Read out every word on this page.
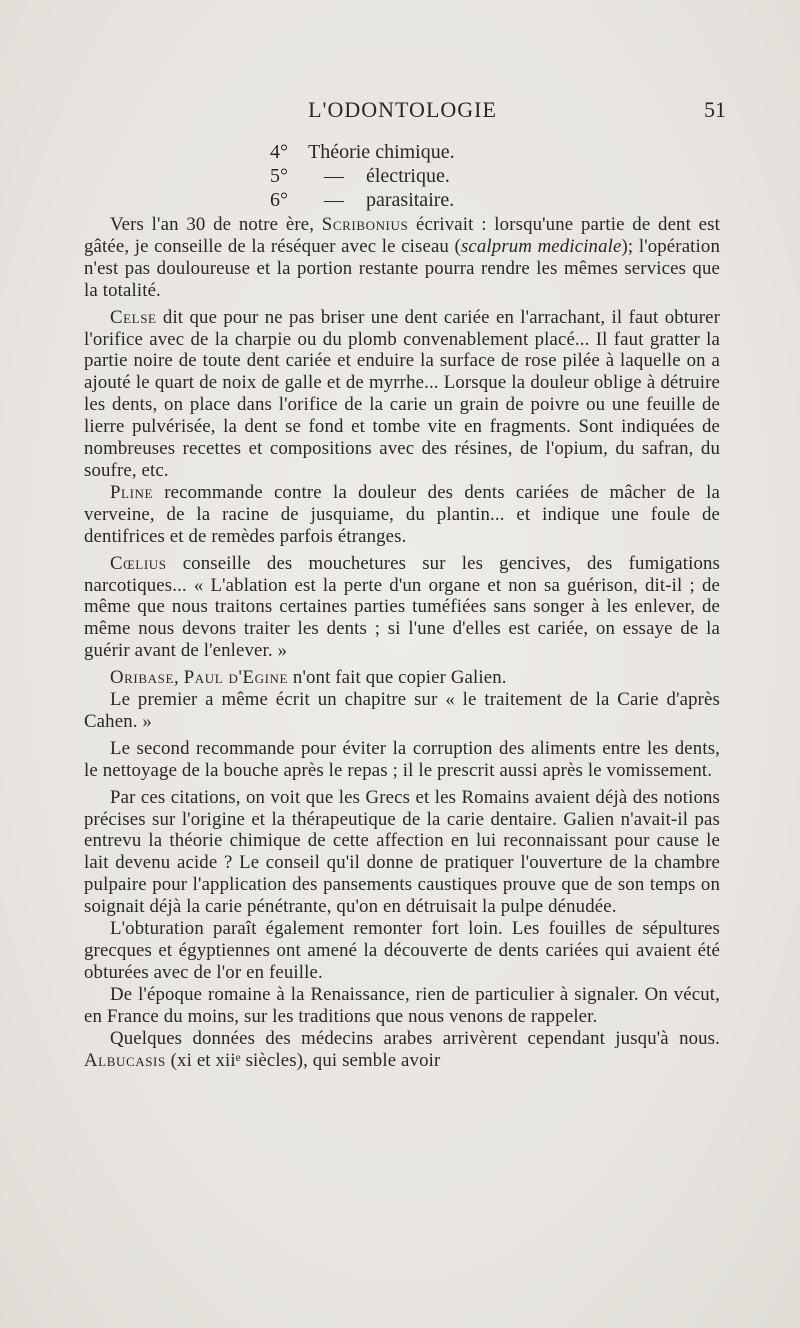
L'ODONTOLOGIE	51
4°	Théorie chimique.
5°	—	électrique.
6°	—	parasitaire.

Vers l'an 30 de notre ère, Scribonius écrivait : lorsqu'une partie de dent est gâtée, je conseille de la réséquer avec le ciseau (scalprum medicinale); l'opération n'est pas douloureuse et la portion restante pourra rendre les mêmes services que la totalité.

Celse dit que pour ne pas briser une dent cariée en l'arrachant, il faut obturer l'orifice avec de la charpie ou du plomb convenablement placé... Il faut gratter la partie noire de toute dent cariée et enduire la surface de rose pilée à laquelle on a ajouté le quart de noix de galle et de myrrhe... Lorsque la douleur oblige à détruire les dents, on place dans l'orifice de la carie un grain de poivre ou une feuille de lierre pulvérisée, la dent se fond et tombe vite en fragments. Sont indiquées de nombreuses recettes et compositions avec des résines, de l'opium, du safran, du soufre, etc.

Pline recommande contre la douleur des dents cariées de mâcher de la verveine, de la racine de jusquiame, du plantin... et indique une foule de dentifrices et de remèdes parfois étranges.

Cœlius conseille des mouchetures sur les gencives, des fumigations narcotiques... « L'ablation est la perte d'un organe et non sa guérison, dit-il ; de même que nous traitons certaines parties tuméfiées sans songer à les enlever, de même nous devons traiter les dents ; si l'une d'elles est cariée, on essaye de la guérir avant de l'enlever. »

Oribase, Paul d'Egine n'ont fait que copier Galien.

Le premier a même écrit un chapitre sur « le traitement de la Carie d'après Cahen. »

Le second recommande pour éviter la corruption des aliments entre les dents, le nettoyage de la bouche après le repas ; il le prescrit aussi après le vomissement.

Par ces citations, on voit que les Grecs et les Romains avaient déjà des notions précises sur l'origine et la thérapeutique de la carie dentaire. Galien n'avait-il pas entrevu la théorie chimique de cette affection en lui reconnaissant pour cause le lait devenu acide ? Le conseil qu'il donne de pratiquer l'ouverture de la chambre pulpaire pour l'application des pansements caustiques prouve que de son temps on soignait déjà la carie pénétrante, qu'on en détruisait la pulpe dénudée.

L'obturation paraît également remonter fort loin. Les fouilles de sépultures grecques et égyptiennes ont amené la découverte de dents cariées qui avaient été obturées avec de l'or en feuille.

De l'époque romaine à la Renaissance, rien de particulier à signaler. On vécut, en France du moins, sur les traditions que nous venons de rappeler.

Quelques données des médecins arabes arrivèrent cependant jusqu'à nous. Albucasis (xi et xiiᵉ siècles), qui semble avoir
